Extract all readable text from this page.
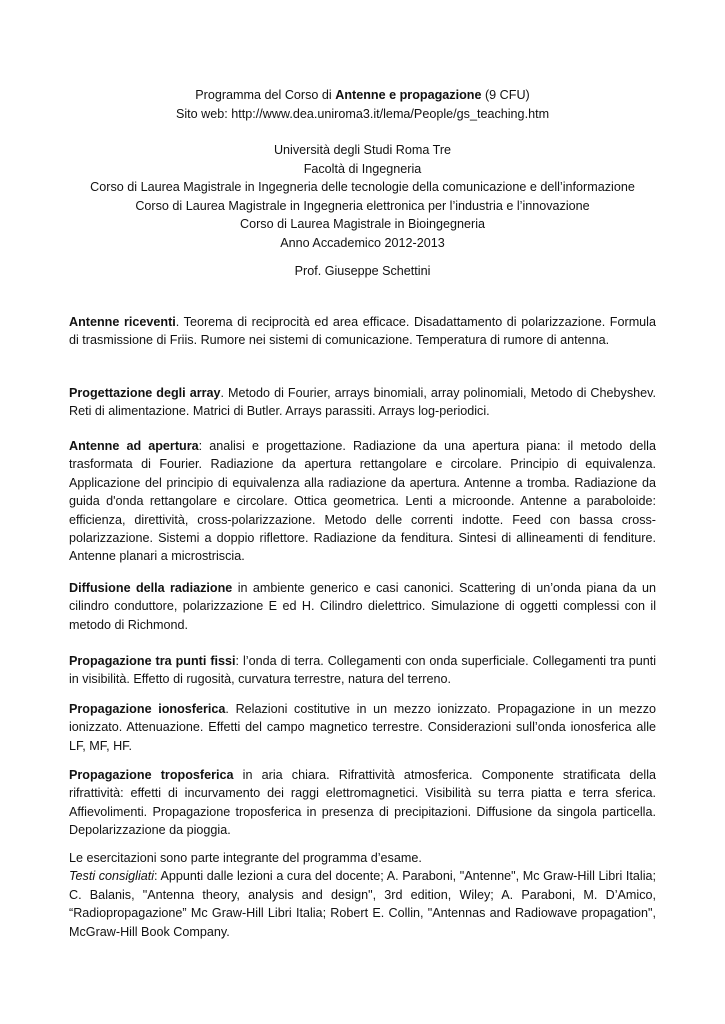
Programma del Corso di Antenne e propagazione (9 CFU)
Sito web: http://www.dea.uniroma3.it/lema/People/gs_teaching.htm
Università degli Studi Roma Tre
Facoltà di Ingegneria
Corso di Laurea Magistrale in Ingegneria delle tecnologie della comunicazione e dell’informazione
Corso di Laurea Magistrale in Ingegneria elettronica per l’industria e l’innovazione
Corso di Laurea Magistrale in Bioingegneria
Anno Accademico 2012-2013
Prof. Giuseppe Schettini

Antenne riceventi. Teorema di reciprocità ed area efficace. Disadattamento di polarizzazione. Formula di trasmissione di Friis. Rumore nei sistemi di comunicazione. Temperatura di rumore di antenna.

Progettazione degli array. Metodo di Fourier, arrays binomiali, array polinomiali, Metodo di Chebyshev. Reti di alimentazione. Matrici di Butler. Arrays parassiti. Arrays log-periodici.

Antenne ad apertura: analisi e progettazione. Radiazione da una apertura piana: il metodo della trasformata di Fourier. Radiazione da apertura rettangolare e circolare. Principio di equivalenza. Applicazione del principio di equivalenza alla radiazione da apertura. Antenne a tromba. Radiazione da guida d'onda rettangolare e circolare. Ottica geometrica. Lenti a microonde. Antenne a paraboloide: efficienza, direttività, cross-polarizzazione. Metodo delle correnti indotte. Feed con bassa cross-polarizzazione. Sistemi a doppio riflettore. Radiazione da fenditura. Sintesi di allineamenti di fenditure. Antenne planari a microstriscia.

Diffusione della radiazione in ambiente generico e casi canonici. Scattering di un’onda piana da un cilindro conduttore, polarizzazione E ed H. Cilindro dielettrico. Simulazione di oggetti complessi con il metodo di Richmond.

Propagazione tra punti fissi: l’onda di terra. Collegamenti con onda superficiale. Collegamenti tra punti in visibilità. Effetto di rugosità, curvatura terrestre, natura del terreno.

Propagazione ionosferica. Relazioni costitutive in un mezzo ionizzato. Propagazione in un mezzo ionizzato. Attenuazione. Effetti del campo magnetico terrestre. Considerazioni sull’onda ionosferica alle LF, MF, HF.

Propagazione troposferica in aria chiara. Rifrattività atmosferica. Componente stratificata della rifrattività: effetti di incurvamento dei raggi elettromagnetici. Visibilità su terra piatta e terra sferica. Affievolimenti. Propagazione troposferica in presenza di precipitazioni. Diffusione da singola particella. Depolarizzazione da pioggia.

Le esercitazioni sono parte integrante del programma d’esame.

Testi consigliati: Appunti dalle lezioni a cura del docente; A. Paraboni, "Antenne", Mc Graw-Hill Libri Italia; C. Balanis, "Antenna theory, analysis and design", 3rd edition, Wiley; A. Paraboni, M. D’Amico, “Radiopropagazione” Mc Graw-Hill Libri Italia; Robert E. Collin, "Antennas and Radiowave propagation", McGraw-Hill Book Company.
